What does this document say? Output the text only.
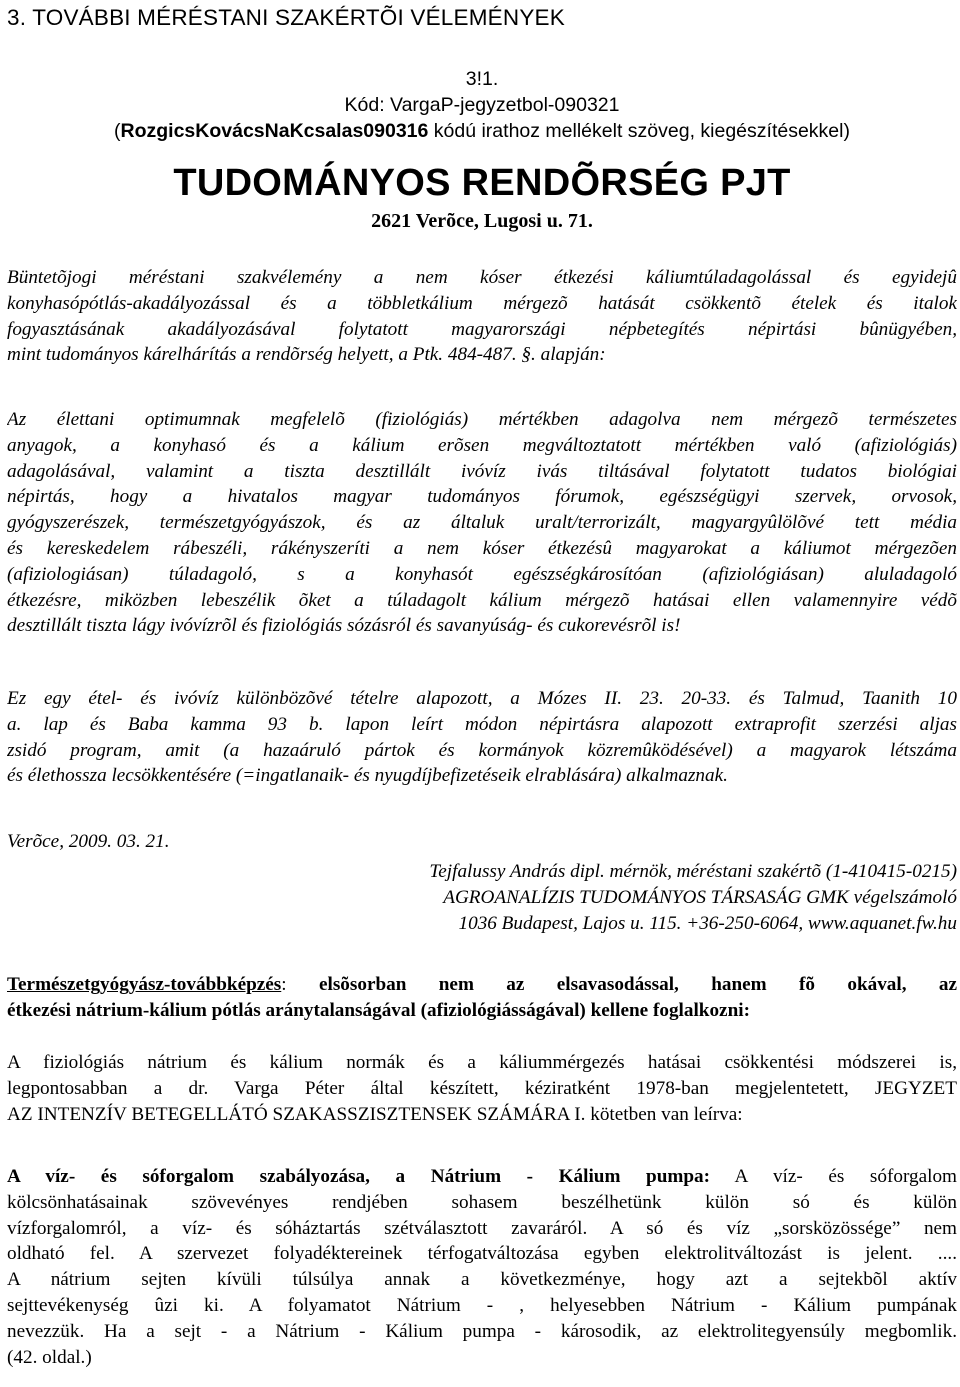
3. TOVÁBBI MÉRÉSTANI SZAKÉRTÕI VÉLEMÉNYEK
3!1.
Kód: VargaP-jegyzetbol-090321
(RozgicsKovácsNaKcsalas090316 kódú irathoz mellékelt szöveg, kiegészítésekkel)
TUDOMÁNYOS RENDÕRSÉG PJT
2621 Verõce, Lugosi u. 71.
Büntetõjogi méréstani szakvélemény a nem kóser étkezési káliumtúladagolással és egyidejû
konyhasópótlás-akadályozással és a többletkálium mérgezõ hatását csökkentõ ételek és italok
fogyasztásának akadályozásával folytatott magyarországi népbetegítés népirtási bûnügyében,
mint tudományos kárelhárítás a rendõrség helyett, a Ptk. 484-487. §. alapján:
Az élettani optimumnak megfelelõ (fiziológiás) mértékben adagolva nem mérgezõ természetes
anyagok, a konyhasó és a kálium erõsen megváltoztatott mértékben való (afiziológiás)
adagolásával, valamint a tiszta desztillált ivóvíz ivás tiltásával folytatott tudatos biológiai
népirtás, hogy a hivatalos magyar tudományos fórumok, egészségügyi szervek, orvosok,
gyógyszerészek, természetgyógyászok, és az általuk uralt/terrorizált, magyargyûlölõvé tett média
és kereskedelem rábeszéli, rákényszeríti a nem kóser étkezésû magyarokat a káliumot mérgezõen
(afiziologiásan) túladagoló, s a konyhasót egészségkárosítóan (afiziológiásan) aluladagoló
étkezésre, miközben lebeszélik õket a túladagolt kálium mérgezõ hatásai ellen valamennyire védõ
desztillált tiszta lágy ivóvízrõl és fiziológiás sózásról és savanyúság- és cukorevésrõl is!
Ez egy étel- és ivóvíz különbözõvé tételre alapozott, a Mózes II. 23. 20-33. és Talmud, Taanith 10
a. lap és Baba kamma 93 b. lapon leírt módon népirtásra alapozott extraprofit szerzési aljas
zsidó program, amit (a hazaáruló pártok és kormányok közremûködésével) a magyarok létszáma
és élethossza lecsökkentésére (=ingatlanaik- és nyugdíjbefizetéseik elrablására) alkalmaznak.
Verõce, 2009. 03. 21.
Tejfalussy András dipl. mérnök, méréstani szakértõ (1-410415-0215)
AGROANALÍZIS TUDOMÁNYOS TÁRSASÁG GMK végelszámoló
1036 Budapest, Lajos u. 115. +36-250-6064, www.aquanet.fw.hu
Természetgyógyász-továbbképzés: elsõsorban nem az elsavasodással, hanem fõ okával, az
étkezési nátrium-kálium pótlás aránytalanságával (afiziológiásságával) kellene foglalkozni:
A fiziológiás nátrium és kálium normák és a káliummérgezés hatásai csökkentési módszerei is,
legpontosabban a dr. Varga Péter által készített, kéziratként 1978-ban megjelentetett, JEGYZET
AZ INTENZÍV BETEGELLÁTÓ SZAKASSZISZTENSEK SZÁMÁRA I. kötetben van leírva:
A víz- és sóforgalom szabályozása, a Nátrium - Kálium pumpa: A víz- és sóforgalom
kölcsönhatásainak szövevényes rendjében sohasem beszélhetünk külön só és külön
vízforgalomról, a víz- és sóháztartás szétválasztott zavaráról. A só és víz „sorsközössége” nem
oldható fel. A szervezet folyadéktereinek térfogatváltozása egyben elektrolitváltozást is jelent. ....
A nátrium sejten kívüli túlsúlya annak a következménye, hogy azt a sejtekbõl aktív
sejttevékenység ûzi ki. A folyamatot Nátrium - , helyesebben Nátrium - Kálium pumpának
nevezzük. Ha a sejt - a Nátrium - Kálium pumpa - károsodik, az elektrolitegyensúly megbomlik.
(42. oldal.)
